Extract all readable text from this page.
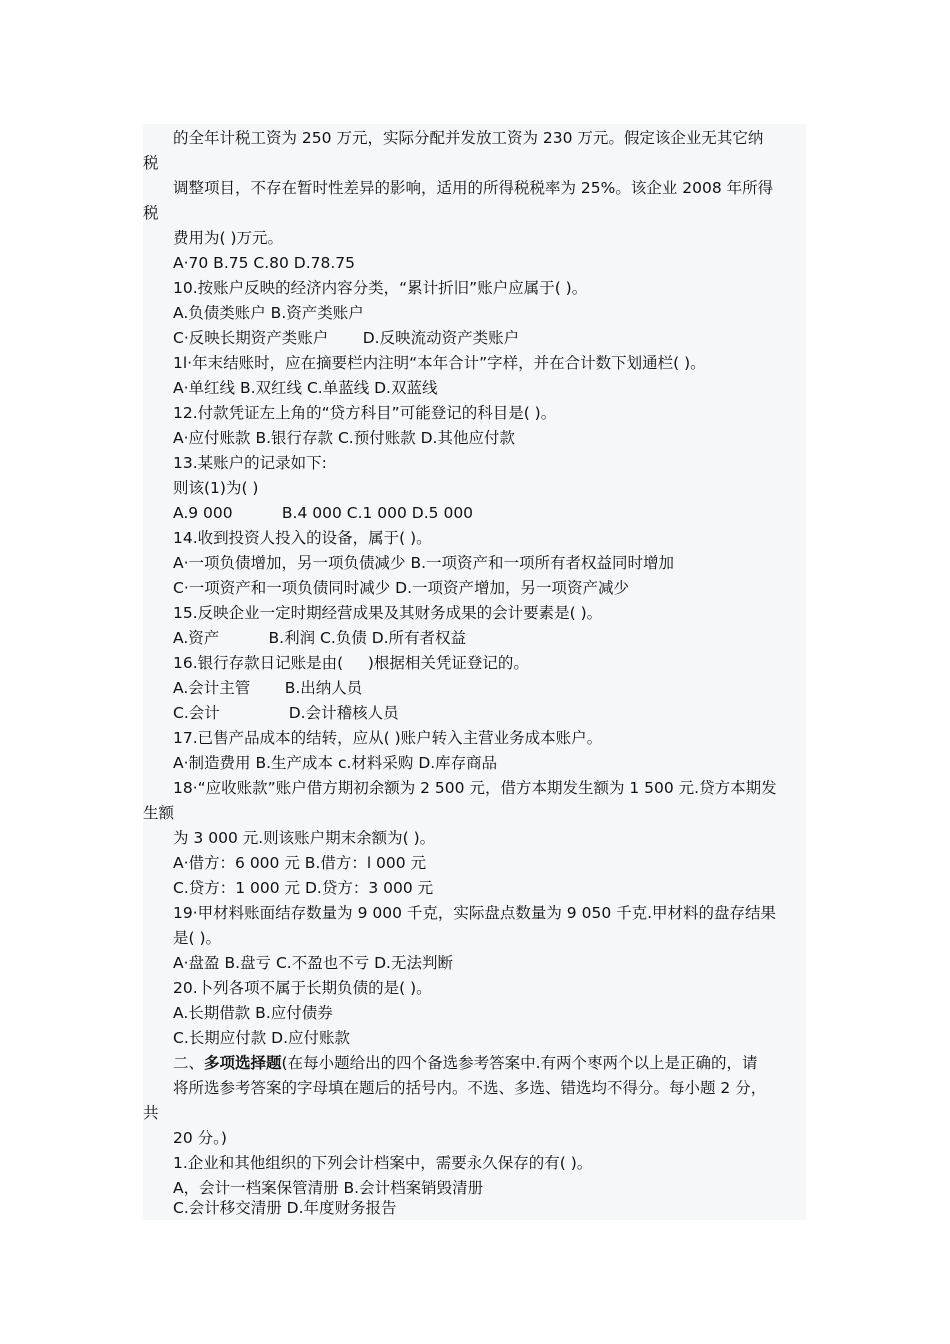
的全年计税工资为 250 万元，实际分配并发放工资为 230 万元。假定该企业无其它纳
税
调整项目，不存在暂时性差异的影响，适用的所得税税率为 25%。该企业 2008 年所得
税
费用为( )万元。
A·70 B.75 C.80 D.78.75
10.按账户反映的经济内容分类，“累计折旧”账户应属于( )。
A.负债类账户 B.资产类账户
C·反映长期资产类账户       D.反映流动资产类账户
1l·年末结账时，应在摘要栏内注明“本年合计”字样，并在合计数下划通栏( )。
A·单红线 B.双红线 C.单蓝线 D.双蓝线
12.付款凭证左上角的“贷方科目”可能登记的科目是( )。
A·应付账款 B.银行存款 C.预付账款 D.其他应付款
13.某账户的记录如下:
则该(1)为( )
A.9 000          B.4 000 C.1 000 D.5 000
14.收到投资人投入的设备，属于( )。
A·一项负债增加，另一项负债减少 B.一项资产和一项所有者权益同时增加
C·一项资产和一项负债同时减少 D.一项资产增加，另一项资产减少
15.反映企业一定时期经营成果及其财务成果的会计要素是( )。
A.资产          B.利润 C.负债 D.所有者权益
16.银行存款日记账是由(     )根据相关凭证登记的。
A.会计主管       B.出纳人员
C.会计              D.会计稽核人员
17.已售产品成本的结转，应从( )账户转入主营业务成本账户。
A·制造费用 B.生产成本 c.材料采购 D.库存商品
18·“应收账款”账户借方期初余额为 2 500 元，借方本期发生额为 1 500 元.贷方本期发
生额
为 3 000 元.则该账户期末余额为( )。
A·借方：6 000 元 B.借方：l 000 元
C.贷方：1 000 元 D.贷方：3 000 元
19·甲材料账面结存数量为 9 000 千克，实际盘点数量为 9 050 千克.甲材料的盘存结果
是( )。
A·盘盈 B.盘亏 C.不盈也不亏 D.无法判断
20.卜列各项不属于长期负债的是( )。
A.长期借款 B.应付债券
C.长期应付款 D.应付账款
二、多项选择题(在每小题给出的四个备选参考答案中.有两个枣两个以上是正确的，请
将所选参考答案的字母填在题后的括号内。不选、多选、错选均不得分。每小题 2 分，
共
20 分。)
1.企业和其他组织的下列会计档案中，需要永久保存的有( )。
A，会计一档案保管清册 B.会计档案销毁清册
C.会计移交清册 D.年度财务报告
